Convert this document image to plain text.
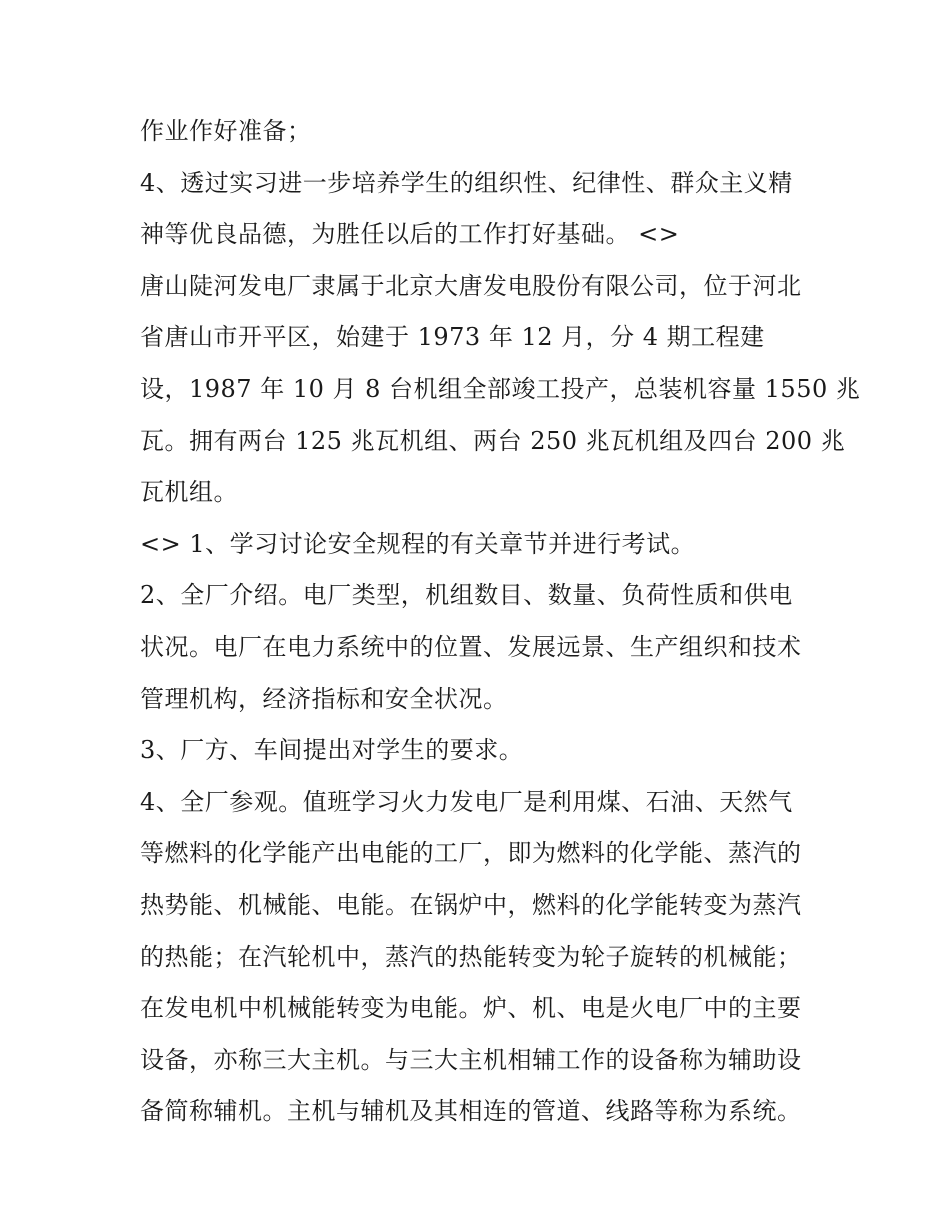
作业作好准备；
4、透过实习进一步培养学生的组织性、纪律性、群众主义精
神等优良品德，为胜任以后的工作打好基础。 <>
唐山陡河发电厂隶属于北京大唐发电股份有限公司，位于河北
省唐山市开平区，始建于 1973 年 12 月，分 4 期工程建
设，1987 年 10 月 8 台机组全部竣工投产，总装机容量 1550 兆
瓦。拥有两台 125 兆瓦机组、两台 250 兆瓦机组及四台 200 兆
瓦机组。
<> 1、学习讨论安全规程的有关章节并进行考试。
2、全厂介绍。电厂类型，机组数目、数量、负荷性质和供电
状况。电厂在电力系统中的位置、发展远景、生产组织和技术
管理机构，经济指标和安全状况。
3、厂方、车间提出对学生的要求。
4、全厂参观。值班学习火力发电厂是利用煤、石油、天然气
等燃料的化学能产出电能的工厂，即为燃料的化学能、蒸汽的
热势能、机械能、电能。在锅炉中，燃料的化学能转变为蒸汽
的热能；在汽轮机中，蒸汽的热能转变为轮子旋转的机械能；
在发电机中机械能转变为电能。炉、机、电是火电厂中的主要
设备，亦称三大主机。与三大主机相辅工作的设备称为辅助设
备简称辅机。主机与辅机及其相连的管道、线路等称为系统。
